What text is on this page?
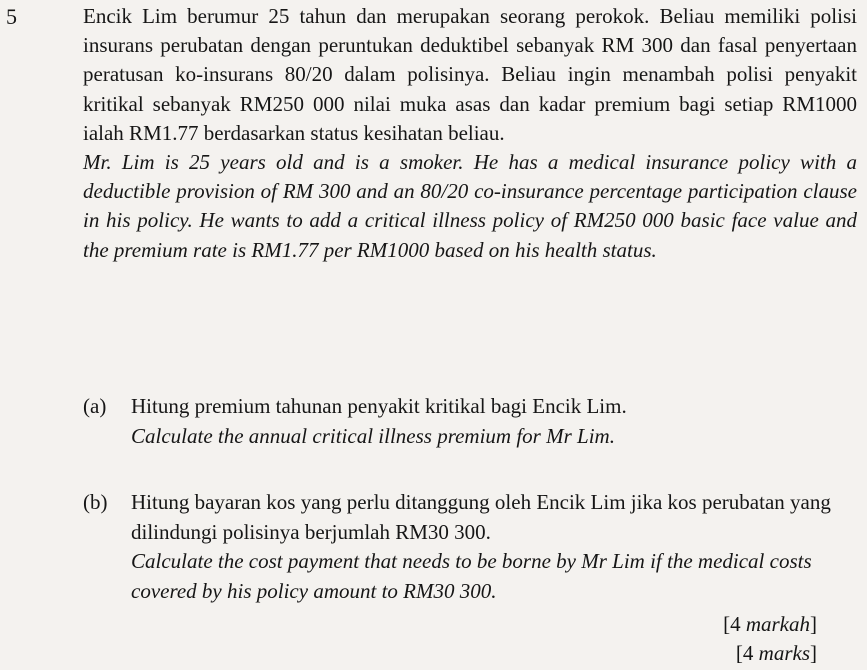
5	Encik Lim berumur 25 tahun dan merupakan seorang perokok. Beliau memiliki polisi insurans perubatan dengan peruntukan deduktibel sebanyak RM 300 dan fasal penyertaan peratusan ko-insurans 80/20 dalam polisinya. Beliau ingin menambah polisi penyakit kritikal sebanyak RM250 000 nilai muka asas dan kadar premium bagi setiap RM1000 ialah RM1.77 berdasarkan status kesihatan beliau.

Mr. Lim is 25 years old and is a smoker. He has a medical insurance policy with a deductible provision of RM 300 and an 80/20 co-insurance percentage participation clause in his policy. He wants to add a critical illness policy of RM250 000 basic face value and the premium rate is RM1.77 per RM1000 based on his health status.

(a) Hitung premium tahunan penyakit kritikal bagi Encik Lim.

Calculate the annual critical illness premium for Mr Lim.

(b) Hitung bayaran kos yang perlu ditanggung oleh Encik Lim jika kos perubatan yang dilindungi polisinya berjumlah RM30 300.

Calculate the cost payment that needs to be borne by Mr Lim if the medical costs covered by his policy amount to RM30 300.

[4 markah]
[4 marks]
